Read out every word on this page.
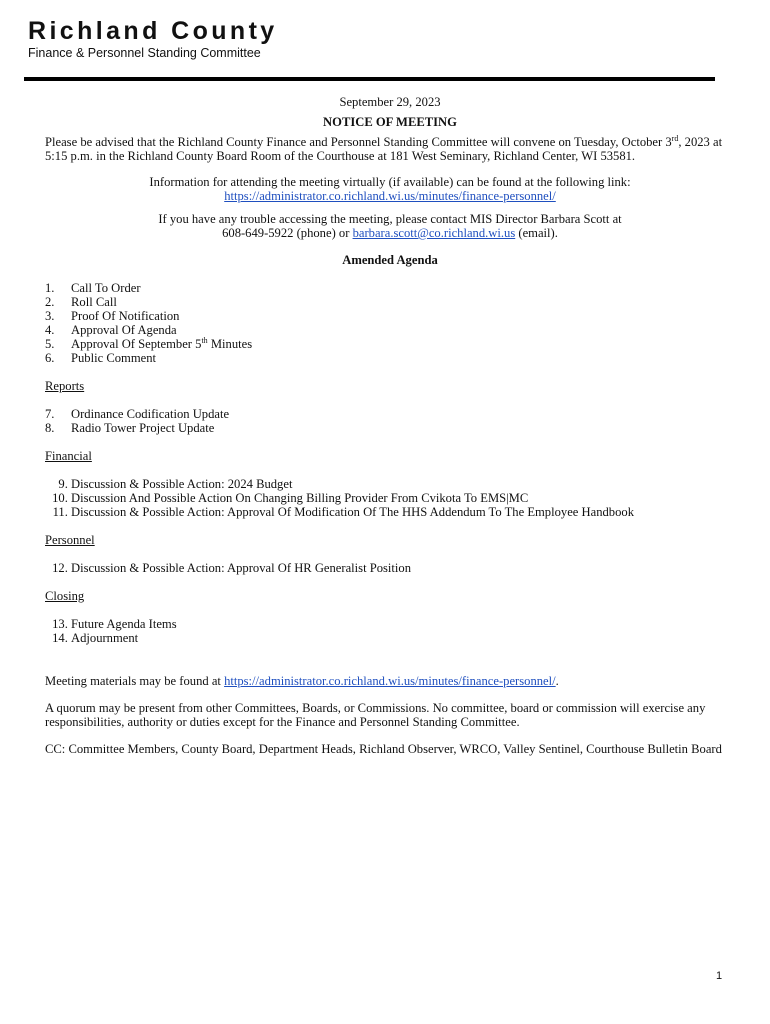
Richland County

Finance & Personnel Standing Committee

September 29, 2023

NOTICE OF MEETING

Please be advised that the Richland County Finance and Personnel Standing Committee will convene on Tuesday, October 3rd, 2023 at 5:15 p.m. in the Richland County Board Room of the Courthouse at 181 West Seminary, Richland Center, WI 53581.

Information for attending the meeting virtually (if available) can be found at the following link:
https://administrator.co.richland.wi.us/minutes/finance-personnel/

If you have any trouble accessing the meeting, please contact MIS Director Barbara Scott at
608-649-5922 (phone) or barbara.scott@co.richland.wi.us (email).

Amended Agenda

1.	Call To Order
2.	Roll Call
3.	Proof Of Notification
4.	Approval Of Agenda
5.	Approval Of September 5th Minutes
6.	Public Comment

Reports

7.	Ordinance Codification Update
8.	Radio Tower Project Update

Financial

9. Discussion & Possible Action: 2024 Budget
10. Discussion And Possible Action On Changing Billing Provider From Cvikota To EMS|MC
11. Discussion & Possible Action: Approval Of Modification Of The HHS Addendum To The Employee Handbook

Personnel

12. Discussion & Possible Action: Approval Of HR Generalist Position

Closing

13. Future Agenda Items
14. Adjournment

Meeting materials may be found at https://administrator.co.richland.wi.us/minutes/finance-personnel/.

A quorum may be present from other Committees, Boards, or Commissions. No committee, board or commission will exercise any responsibilities, authority or duties except for the Finance and Personnel Standing Committee.

CC: Committee Members, County Board, Department Heads, Richland Observer, WRCO, Valley Sentinel, Courthouse Bulletin Board

1
